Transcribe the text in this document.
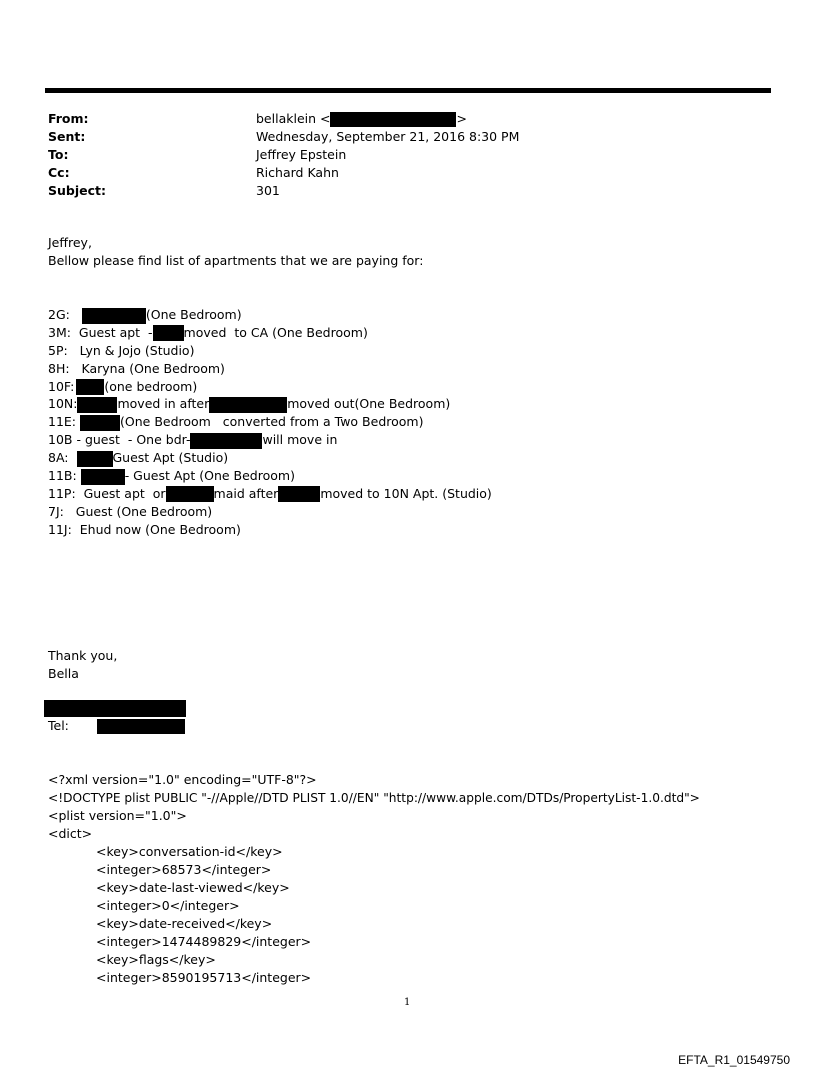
From:	bellaklein <	>
Sent:	Wednesday, September 21, 2016 8:30 PM
To:	Jeffrey Epstein
Cc:	Richard Kahn
Subject:	301
Jeffrey,
Bellow please find list of apartments that we are paying for:
2G:	(One Bedroom)
3M:  Guest apt  - moved  to CA (One Bedroom)
5P:   Lyn & Jojo (Studio)
8H:   Karyna (One Bedroom)
10F: (one bedroom)
10N:	moved in after	moved out(One Bedroom)
11E:	(One Bedroom   converted from a Two Bedroom)
10B - guest  - One bdr-	will move in
8A:	Guest Apt (Studio)
11B:	- Guest Apt (One Bedroom)
11P:  Guest apt  or	maid after	moved to 10N Apt. (Studio)
7J:   Guest (One Bedroom)
11J:  Ehud now (One Bedroom)
Thank you,
Bella
Tel:
<?xml version="1.0" encoding="UTF-8"?>
<!DOCTYPE plist PUBLIC "-//Apple//DTD PLIST 1.0//EN" "http://www.apple.com/DTDs/PropertyList-1.0.dtd">
<plist version="1.0">
<dict>
<key>conversation-id</key>
<integer>68573</integer>
<key>date-last-viewed</key>
<integer>0</integer>
<key>date-received</key>
<integer>1474489829</integer>
<key>flags</key>
<integer>8590195713</integer>
1
EFTA_R1_01549750
